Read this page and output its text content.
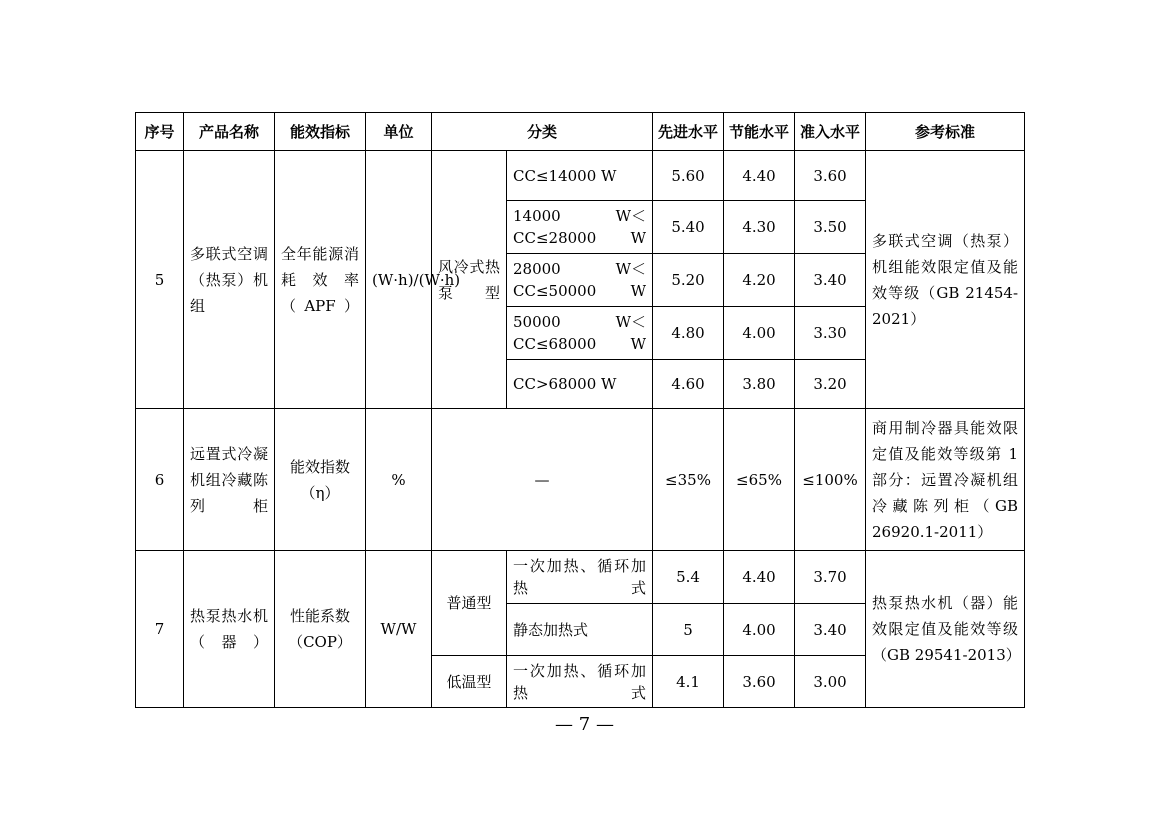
序号	产品名称	能效指标	单位	分类		先进水平	节能水平	准入水平	参考标准
5	多联式空调（热泵）机组	全年能源消耗效率（APF）	(W·h)/(W·h)	风冷式热泵型	CC≤14000 W	5.60	4.40	3.60	多联式空调（热泵）机组能效限定值及能效等级（GB 21454-2021）
					14000 W＜CC≤28000 W	5.40	4.30	3.50	
					28000 W＜CC≤50000 W	5.20	4.20	3.40	
					50000 W＜CC≤68000 W	4.80	4.00	3.30	
					CC>68000 W	4.60	3.80	3.20	
6	远置式冷凝机组冷藏陈列柜	能效指数（η）	%	—		≤35%	≤65%	≤100%	商用制冷器具能效限定值及能效等级第 1 部分：远置冷凝机组冷藏陈列柜（GB 26920.1-2011）
7	热泵热水机（器）	性能系数（COP）	W/W	普通型	一次加热、循环加热式	5.4	4.40	3.70	热泵热水机（器）能效限定值及能效等级（GB 29541-2013）
					静态加热式	5	4.00	3.40	
				低温型	一次加热、循环加热式	4.1	3.60	3.00	
— 7 —
